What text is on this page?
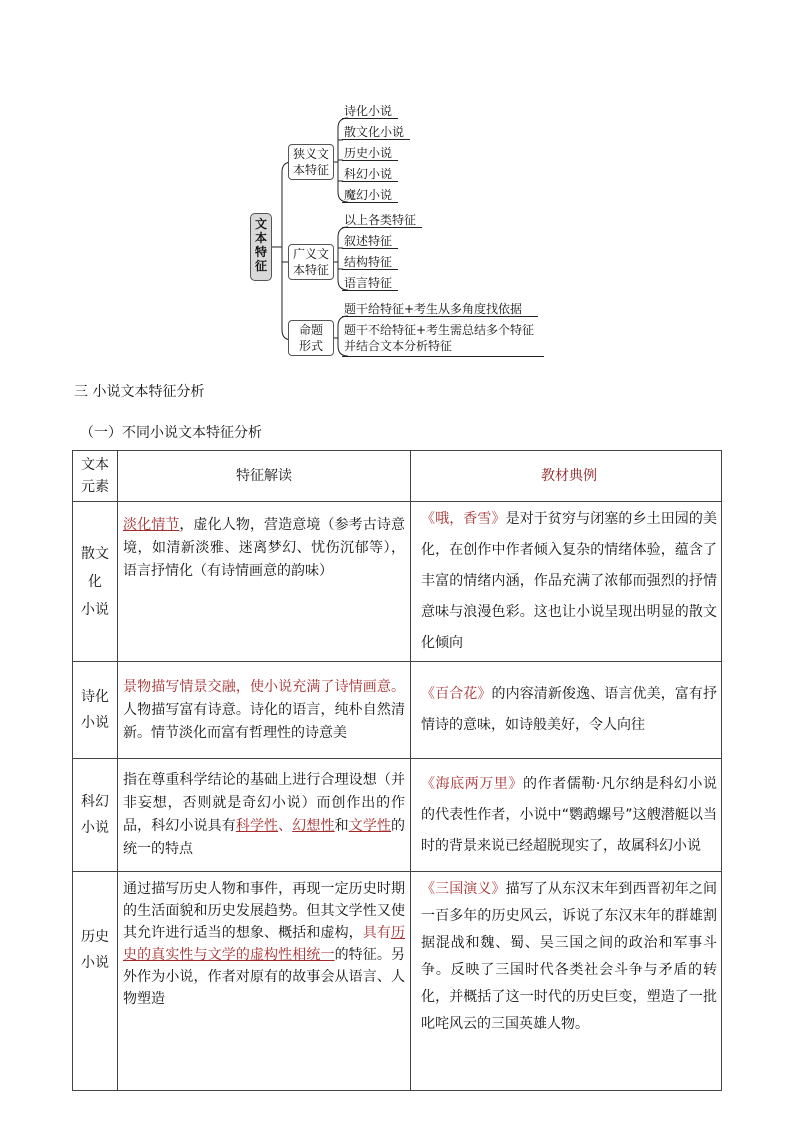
文本特征
狭义文
本特征
诗化小说
散文化小说
历史小说
科幻小说
魔幻小说
广义文
本特征
以上各类特征
叙述特征
结构特征
语言特征
命题
形式
题干给特征+考生从多角度找依据
题干不给特征+考生需总结多个特征
并结合文本分析特征
三 小说文本特征分析
（一）不同小说文本特征分析
文本
元素	特征解读	教材典例

散文
化
小说	淡化情节，虚化人物，营造意境（参考古诗意境，如清新淡雅、迷离梦幻、忧伤沉郁等），语言抒情化（有诗情画意的韵味）	《哦，香雪》是对于贫穷与闭塞的乡土田园的美化，在创作中作者倾入复杂的情绪体验，蕴含了丰富的情绪内涵，作品充满了浓郁而强烈的抒情意味与浪漫色彩。这也让小说呈现出明显的散文化倾向

诗化
小说	景物描写情景交融，使小说充满了诗情画意。人物描写富有诗意。诗化的语言，纯朴自然清新。情节淡化而富有哲理性的诗意美	《百合花》的内容清新俊逸、语言优美，富有抒情诗的意味，如诗般美好，令人向往

科幻
小说	指在尊重科学结论的基础上进行合理设想（并非妄想，否则就是奇幻小说）而创作出的作品，科幻小说具有科学性、幻想性和文学性的统一的特点	《海底两万里》的作者儒勒·凡尔纳是科幻小说的代表性作者，小说中“鹦鹉螺号”这艘潜艇以当时的背景来说已经超脱现实了，故属科幻小说

历史
小说	通过描写历史人物和事件，再现一定历史时期的生活面貌和历史发展趋势。但其文学性又使其允许进行适当的想象、概括和虚构，具有历史的真实性与文学的虚构性相统一的特征。另外作为小说，作者对原有的故事会从语言、人物塑造	《三国演义》描写了从东汉末年到西晋初年之间一百多年的历史风云，诉说了东汉末年的群雄割据混战和魏、蜀、吴三国之间的政治和军事斗争。反映了三国时代各类社会斗争与矛盾的转化，并概括了这一时代的历史巨变，塑造了一批叱咤风云的三国英雄人物。
